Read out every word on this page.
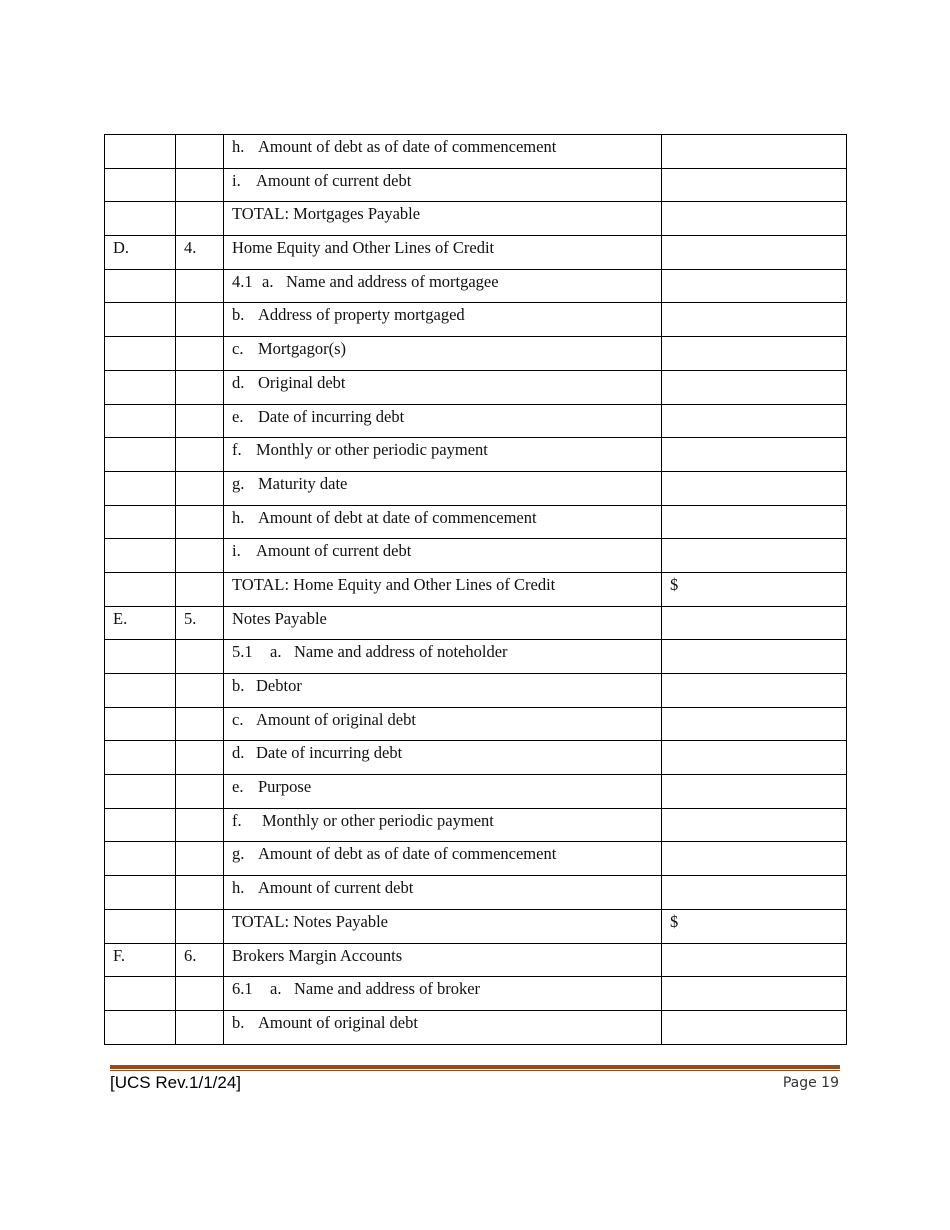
		h. Amount of debt as of date of commencement	
		i. Amount of current debt	
		TOTAL: Mortgages Payable	
D.	4.	Home Equity and Other Lines of Credit	
		4.1 a. Name and address of mortgagee	
		b. Address of property mortgaged	
		c. Mortgagor(s)	
		d. Original debt	
		e. Date of incurring debt	
		f. Monthly or other periodic payment	
		g. Maturity date	
		h. Amount of debt at date of commencement	
		i. Amount of current debt	
		TOTAL: Home Equity and Other Lines of Credit	$
E.	5.	Notes Payable	
		5.1 a. Name and address of noteholder	
		b. Debtor	
		c. Amount of original debt	
		d. Date of incurring debt	
		e. Purpose	
		f. Monthly or other periodic payment	
		g. Amount of debt as of date of commencement	
		h. Amount of current debt	
		TOTAL: Notes Payable	$
F.	6.	Brokers Margin Accounts	
		6.1 a. Name and address of broker	
		b. Amount of original debt	
[UCS Rev.1/1/24]	Page 19
